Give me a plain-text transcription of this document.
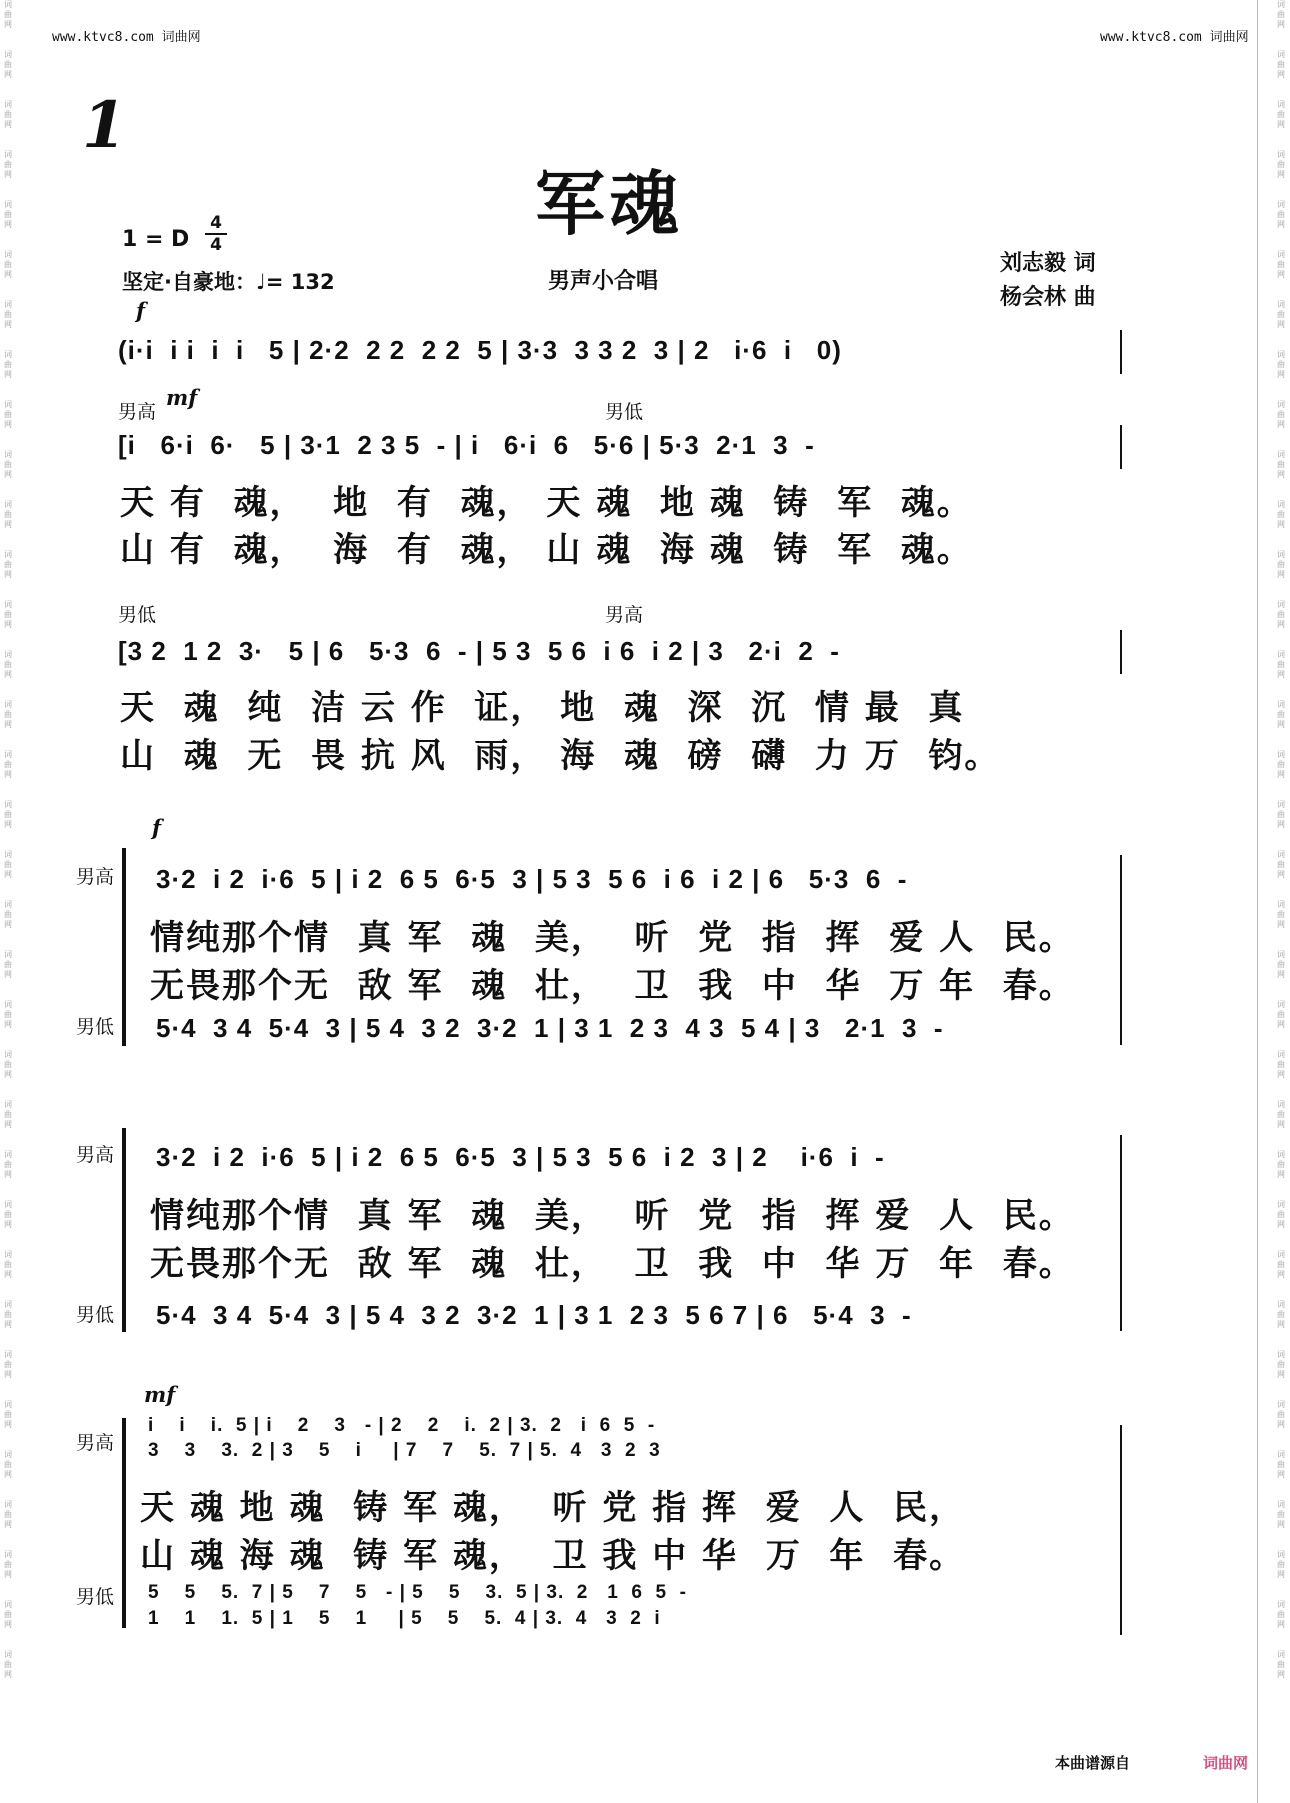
www.ktvc8.com 词曲网	www.ktvc8.com 词曲网
词
曲
网

词
曲
网

词
曲
网

词
曲
网

词
曲
网

词
曲
网

词
曲
网

词
曲
网

词
曲
网

词
曲
网

词
曲
网

词
曲
网

词
曲
网

词
曲
网

词
曲
网

词
曲
网

词
曲
网

词
曲
网

词
曲
网

词
曲
网

词
曲
网

词
曲
网

词
曲
网

词
曲
网

词
曲
网

词
曲
网

词
曲
网

词
曲
网

词
曲
网

词
曲
网

词
曲
网

词
曲
网

词
曲
网

词
曲
网
词
曲
网

词
曲
网

词
曲
网

词
曲
网

词
曲
网

词
曲
网

词
曲
网

词
曲
网

词
曲
网

词
曲
网

词
曲
网

词
曲
网

词
曲
网

词
曲
网

词
曲
网

词
曲
网

词
曲
网

词
曲
网

词
曲
网

词
曲
网

词
曲
网

词
曲
网

词
曲
网

词
曲
网

词
曲
网

词
曲
网

词
曲
网

词
曲
网

词
曲
网

词
曲
网

词
曲
网

词
曲
网

词
曲
网

词
曲
网
1
军魂
1 = D
4
4
坚定·自豪地：♩= 132	男声小合唱
刘志毅 词
杨会林 曲
f
(i·i  i i  i  i   5 | 2·2  2 2  2 2  5 | 3·3  3 3 2  3 | 2   i·6  i   0)
男高
mf
男低
[i   6·i  6·   5 | 3·1  2 3 5  - | i   6·i  6   5·6 | 5·3  2·1  3  -
天 有  魂，  地  有  魂， 天 魂  地 魂  铸  军  魂。
山 有  魂，  海  有  魂， 山 魂  海 魂  铸  军  魂。
男低	男高
[3 2  1 2  3·   5 | 6   5·3  6  - | 5 3  5 6  i 6  i 2 | 3   2·i  2  -
天  魂  纯  洁 云 作  证， 地  魂  深  沉  情 最  真
山  魂  无  畏 抗 风  雨， 海  魂  磅  礴  力 万  钧。
f
男高
男低
3·2  i 2  i·6  5 | i 2  6 5  6·5  3 | 5 3  5 6  i 6  i 2 | 6   5·3  6  -
情纯那个情  真 军  魂  美，  听  党  指  挥  爱 人  民。
无畏那个无  敌 军  魂  壮，  卫  我  中  华  万 年  春。
5·4  3 4  5·4  3 | 5 4  3 2  3·2  1 | 3 1  2 3  4 3  5 4 | 3   2·1  3  -
男高
男低
3·2  i 2  i·6  5 | i 2  6 5  6·5  3 | 5 3  5 6  i 2  3 | 2    i·6  i  -
情纯那个情  真 军  魂  美，  听  党  指  挥 爱  人  民。
无畏那个无  敌 军  魂  壮，  卫  我  中  华 万  年  春。
5·4  3 4  5·4  3 | 5 4  3 2  3·2  1 | 3 1  2 3  5 6 7 | 6   5·4  3  -
mf
男高
男低
i    i    i.  5 | i    2    3   - | 2    2    i.  2 | 3.  2   i  6  5  -
3    3    3.  2 | 3    5    i     | 7    7    5.  7 | 5.  4   3  2  3
天 魂 地 魂  铸 军 魂，  听 党 指 挥  爱  人  民，
山 魂 海 魂  铸 军 魂，  卫 我 中 华  万  年  春。
5    5    5.  7 | 5    7    5   - | 5    5    3.  5 | 3.  2   1  6  5  -
1    1    1.  5 | 1    5    1     | 5    5    5.  4 | 3.  4   3  2  i
本曲谱源自	词曲网
